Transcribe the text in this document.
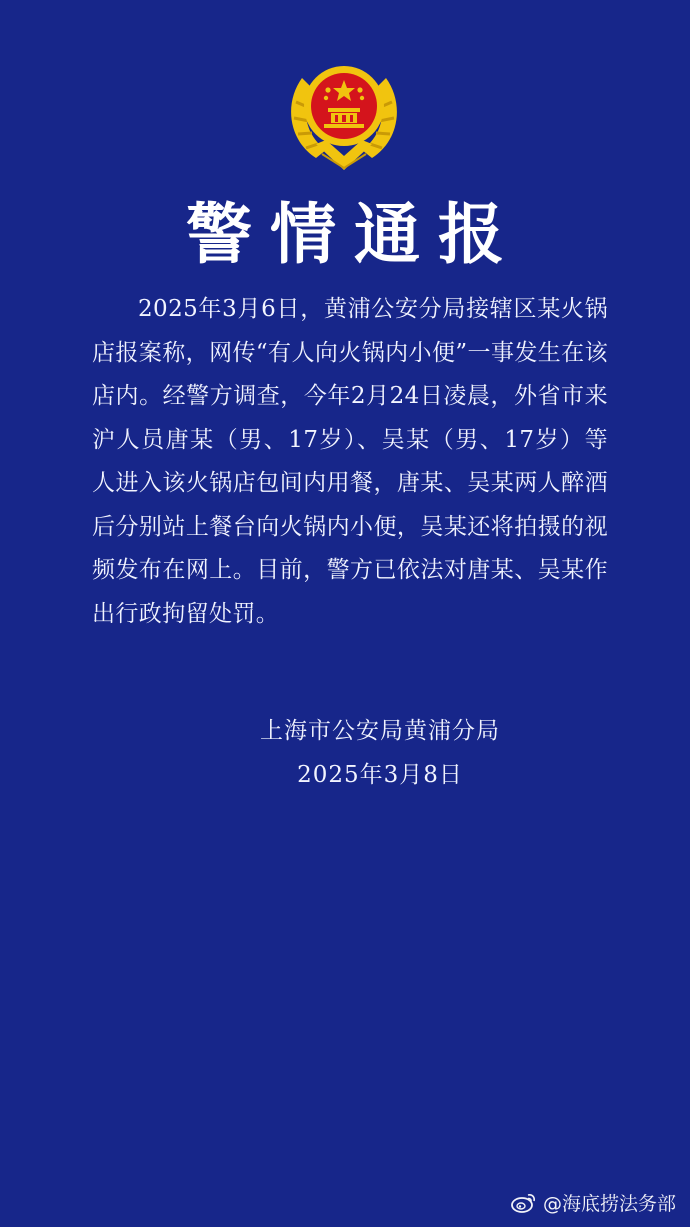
警情通报
2025年3月6日，黄浦公安分局接辖区某火锅店报案称，网传“有人向火锅内小便”一事发生在该店内。经警方调查，今年2月24日凌晨，外省市来沪人员唐某（男、17岁）、吴某（男、17岁）等人进入该火锅店包间内用餐，唐某、吴某两人醉酒后分别站上餐台向火锅内小便，吴某还将拍摄的视频发布在网上。目前，警方已依法对唐某、吴某作出行政拘留处罚。
上海市公安局黄浦分局
2025年3月8日
@海底捞法务部
